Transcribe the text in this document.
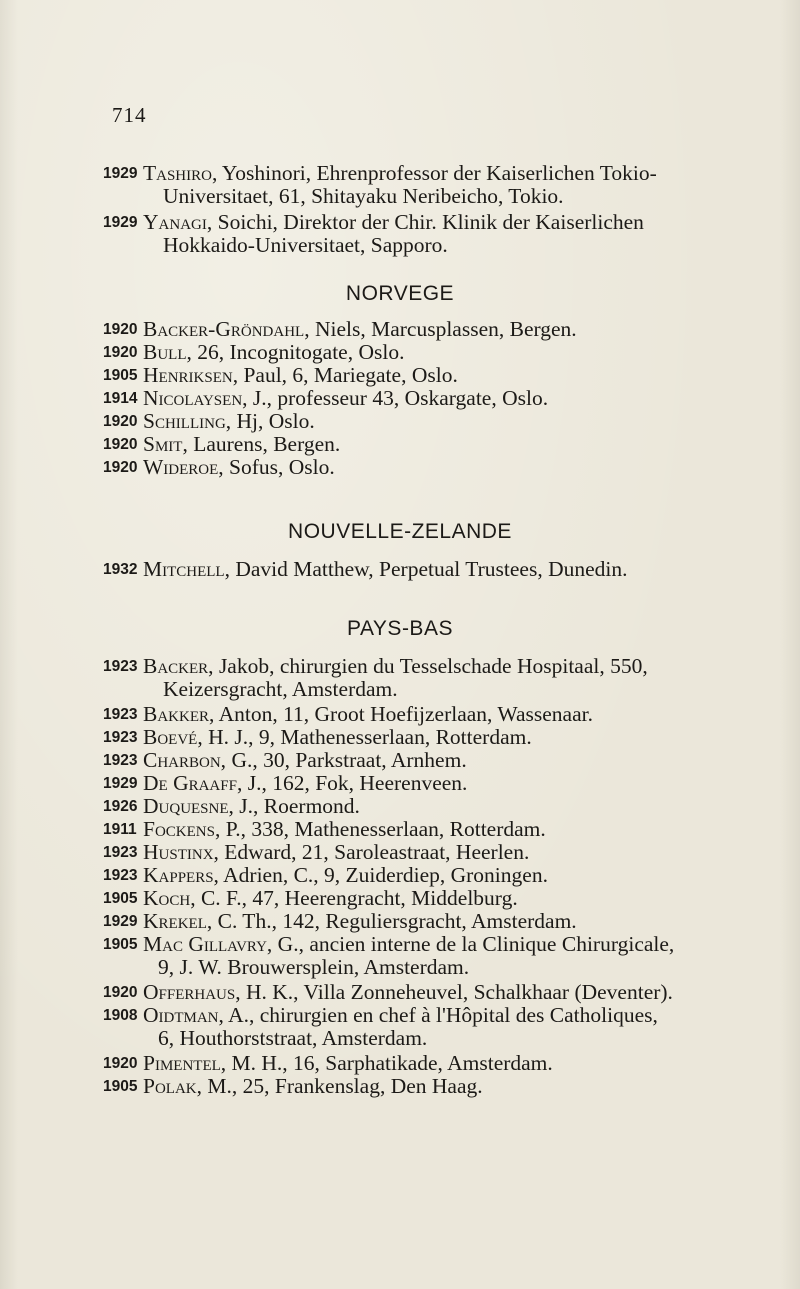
714
1929 Tashiro, Yoshinori, Ehrenprofessor der Kaiserlichen Tokio-
Universitaet, 61, Shitayaku Neribeicho, Tokio.
1929 Yanagi, Soichi, Direktor der Chir. Klinik der Kaiserlichen
Hokkaido-Universitaet, Sapporo.
NORVEGE
1920 Backer-Gröndahl, Niels, Marcusplassen, Bergen.
1920 Bull, 26, Incognitogate, Oslo.
1905 Henriksen, Paul, 6, Mariegate, Oslo.
1914 Nicolaysen, J., professeur 43, Oskargate, Oslo.
1920 Schilling, Hj, Oslo.
1920 Smit, Laurens, Bergen.
1920 Wideroe, Sofus, Oslo.
NOUVELLE-ZELANDE
1932 Mitchell, David Matthew, Perpetual Trustees, Dunedin.
PAYS-BAS
1923 Backer, Jakob, chirurgien du Tesselschade Hospitaal, 550,
Keizersgracht, Amsterdam.
1923 Bakker, Anton, 11, Groot Hoefijzerlaan, Wassenaar.
1923 Boevé, H. J., 9, Mathenesserlaan, Rotterdam.
1923 Charbon, G., 30, Parkstraat, Arnhem.
1929 De Graaff, J., 162, Fok, Heerenveen.
1926 Duquesne, J., Roermond.
1911 Fockens, P., 338, Mathenesserlaan, Rotterdam.
1923 Hustinx, Edward, 21, Saroleastraat, Heerlen.
1923 Kappers, Adrien, C., 9, Zuiderdiep, Groningen.
1905 Koch, C. F., 47, Heerengracht, Middelburg.
1929 Krekel, C. Th., 142, Reguliersgracht, Amsterdam.
1905 Mac Gillavry, G., ancien interne de la Clinique Chirurgicale,
9, J. W. Brouwersplein, Amsterdam.
1920 Offerhaus, H. K., Villa Zonneheuvel, Schalkhaar (Deventer).
1908 Oidtman, A., chirurgien en chef à l'Hôpital des Catholiques,
6, Houthorststraat, Amsterdam.
1920 Pimentel, M. H., 16, Sarphatikade, Amsterdam.
1905 Polak, M., 25, Frankenslag, Den Haag.
